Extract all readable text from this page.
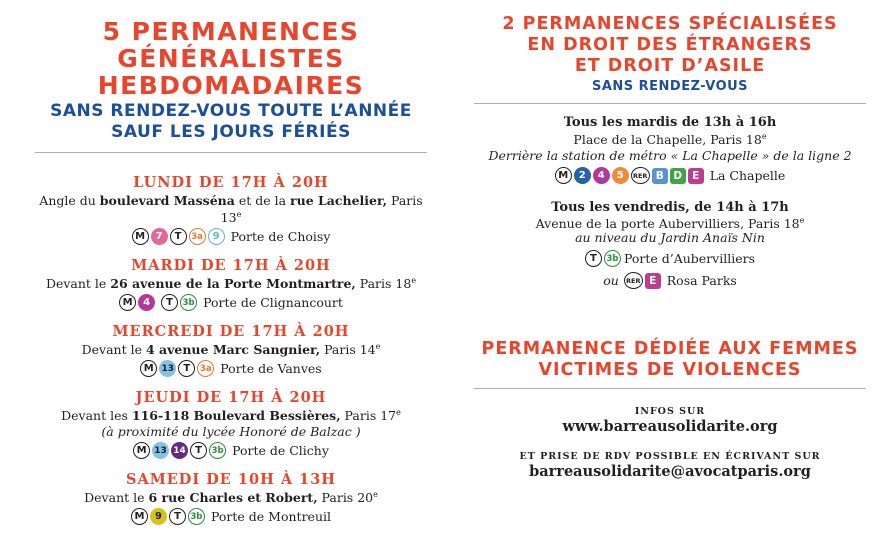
5 PERMANENCES
GÉNÉRALISTES
HEBDOMADAIRES
SANS RENDEZ-VOUS TOUTE L’ANNÉE
SAUF LES JOURS FÉRIÉS
LUNDI DE 17H À 20H
Angle du boulevard Masséna et de la rue Lachelier, Paris 13e
M	7	T	3a 9 Porte de Choisy
MARDI DE 17H À 20H
Devant le 26 avenue de la Porte Montmartre, Paris 18e
M	4	T	3b Porte de Clignancourt
MERCREDI DE 17H À 20H
Devant le 4 avenue Marc Sangnier, Paris 14e
M 13 T	3a Porte de Vanves
JEUDI DE 17H À 20H
Devant les 116-118 Boulevard Bessières, Paris 17e
(à proximité du lycée Honoré de Balzac )
M 13 14 T	3b Porte de Clichy
SAMEDI DE 10H À 13H
Devant le 6 rue Charles et Robert, Paris 20e
M	9	T	3b Porte de Montreuil
2 PERMANENCES SPÉCIALISÉES
EN DROIT DES ÉTRANGERS
ET DROIT D’ASILE
SANS RENDEZ-VOUS
Tous les mardis de 13h à 16h
Place de la Chapelle, Paris 18e
Derrière la station de métro « La Chapelle » de la ligne 2
M	2	4	5	RER B D E La Chapelle
Tous les vendredis, de 14h à 17h
Avenue de la porte Aubervilliers, Paris 18e
au niveau du Jardin Anaïs Nin
T	3b Porte d’Aubervilliers
ou	RER E Rosa Parks
PERMANENCE DÉDIÉE AUX FEMMES
VICTIMES DE VIOLENCES
INFOS SUR
www.barreausolidarite.org
ET PRISE DE RDV POSSIBLE EN ÉCRIVANT SUR
barreausolidarite@avocatparis.org
